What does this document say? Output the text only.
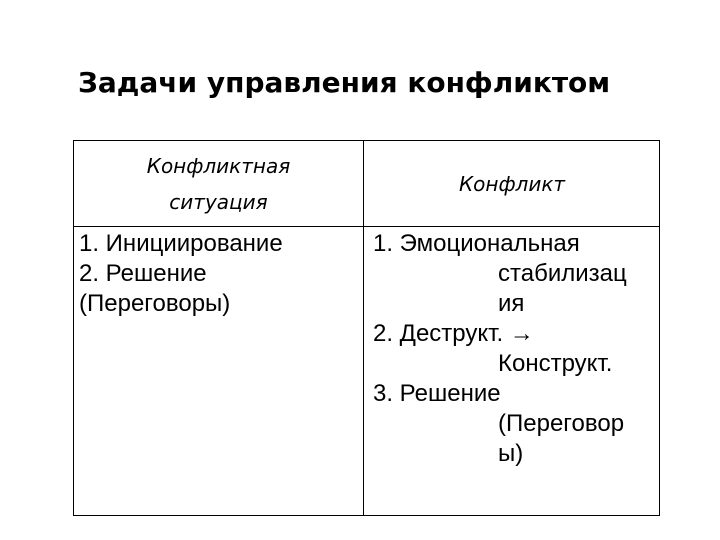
Задачи управления конфликтом
Конфликтная
ситуация
Конфликт
1. Инициирование
2. Решение
(Переговоры)
1. Эмоциональная
стабилизац
ия
2. Деструкт. →
Конструкт.
3. Решение
(Переговор
ы)
